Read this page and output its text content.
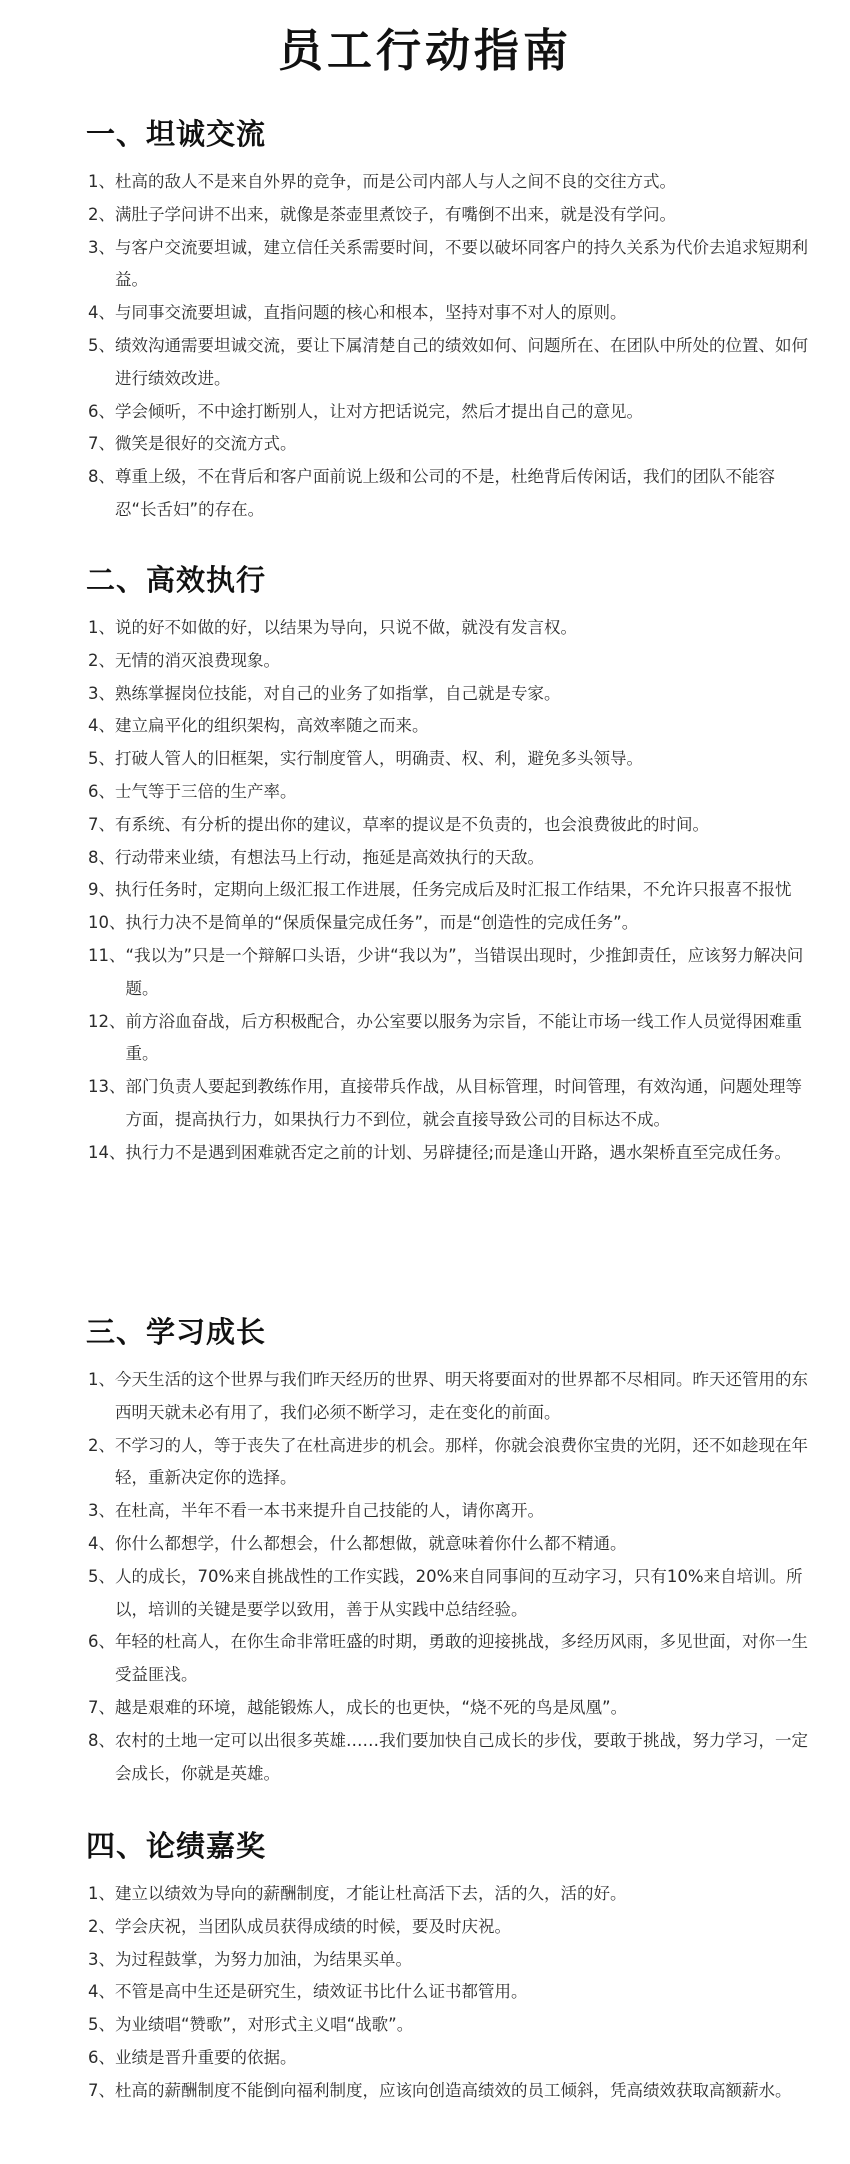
员工行动指南
一、坦诚交流
1、 杜高的敌人不是来自外界的竞争，而是公司内部人与人之间不良的交往方式。
2、 满肚子学问讲不出来，就像是茶壶里煮饺子，有嘴倒不出来，就是没有学问。
3、 与客户交流要坦诚，建立信任关系需要时间，不要以破坏同客户的持久关系为代价去追求短期利益。
4、 与同事交流要坦诚，直指问题的核心和根本，坚持对事不对人的原则。
5、 绩效沟通需要坦诚交流，要让下属清楚自己的绩效如何、问题所在、在团队中所处的位置、如何进行绩效改进。
6、 学会倾听，不中途打断别人，让对方把话说完，然后才提出自己的意见。
7、 微笑是很好的交流方式。
8、 尊重上级，不在背后和客户面前说上级和公司的不是，杜绝背后传闲话，我们的团队不能容忍“长舌妇”的存在。
二、高效执行
1、 说的好不如做的好，以结果为导向，只说不做，就没有发言权。
2、 无情的消灭浪费现象。
3、 熟练掌握岗位技能，对自己的业务了如指掌，自己就是专家。
4、 建立扁平化的组织架构，高效率随之而来。
5、 打破人管人的旧框架，实行制度管人，明确责、权、利，避免多头领导。
6、 士气等于三倍的生产率。
7、 有系统、有分析的提出你的建议，草率的提议是不负责的，也会浪费彼此的时间。
8、 行动带来业绩，有想法马上行动，拖延是高效执行的天敌。
9、 执行任务时，定期向上级汇报工作进展，任务完成后及时汇报工作结果，不允许只报喜不报忧
10、 执行力决不是简单的“保质保量完成任务”，而是“创造性的完成任务”。
11、 “我以为”只是一个辩解口头语，少讲“我以为”，当错误出现时，少推卸责任，应该努力解决问题。
12、 前方浴血奋战，后方积极配合，办公室要以服务为宗旨，不能让市场一线工作人员觉得困难重重。
13、 部门负责人要起到教练作用，直接带兵作战，从目标管理，时间管理，有效沟通，问题处理等方面，提高执行力，如果执行力不到位，就会直接导致公司的目标达不成。
14、 执行力不是遇到困难就否定之前的计划、另辟捷径;而是逢山开路，遇水架桥直至完成任务。
三、学习成长
1、 今天生活的这个世界与我们昨天经历的世界、明天将要面对的世界都不尽相同。昨天还管用的东西明天就未必有用了，我们必须不断学习，走在变化的前面。
2、 不学习的人，等于丧失了在杜高进步的机会。那样，你就会浪费你宝贵的光阴，还不如趁现在年轻，重新决定你的选择。
3、 在杜高，半年不看一本书来提升自己技能的人，请你离开。
4、 你什么都想学，什么都想会，什么都想做，就意味着你什么都不精通。
5、 人的成长，70%来自挑战性的工作实践，20%来自同事间的互动字习，只有10%来自培训。所以，培训的关键是要学以致用，善于从实践中总结经验。
6、 年轻的杜高人，在你生命非常旺盛的时期，勇敢的迎接挑战，多经历风雨，多见世面，对你一生受益匪浅。
7、 越是艰难的环境，越能锻炼人，成长的也更快，“烧不死的鸟是凤凰”。
8、 农村的土地一定可以出很多英雄……我们要加快自己成长的步伐，要敢于挑战，努力学习，一定会成长，你就是英雄。
四、论绩嘉奖
1、 建立以绩效为导向的薪酬制度，才能让杜高活下去，活的久，活的好。
2、 学会庆祝，当团队成员获得成绩的时候，要及时庆祝。
3、 为过程鼓掌，为努力加油，为结果买单。
4、 不管是高中生还是研究生，绩效证书比什么证书都管用。
5、 为业绩唱“赞歌”，对形式主义唱“战歌”。
6、 业绩是晋升重要的依据。
7、 杜高的薪酬制度不能倒向福利制度，应该向创造高绩效的员工倾斜，凭高绩效获取高额薪水。
